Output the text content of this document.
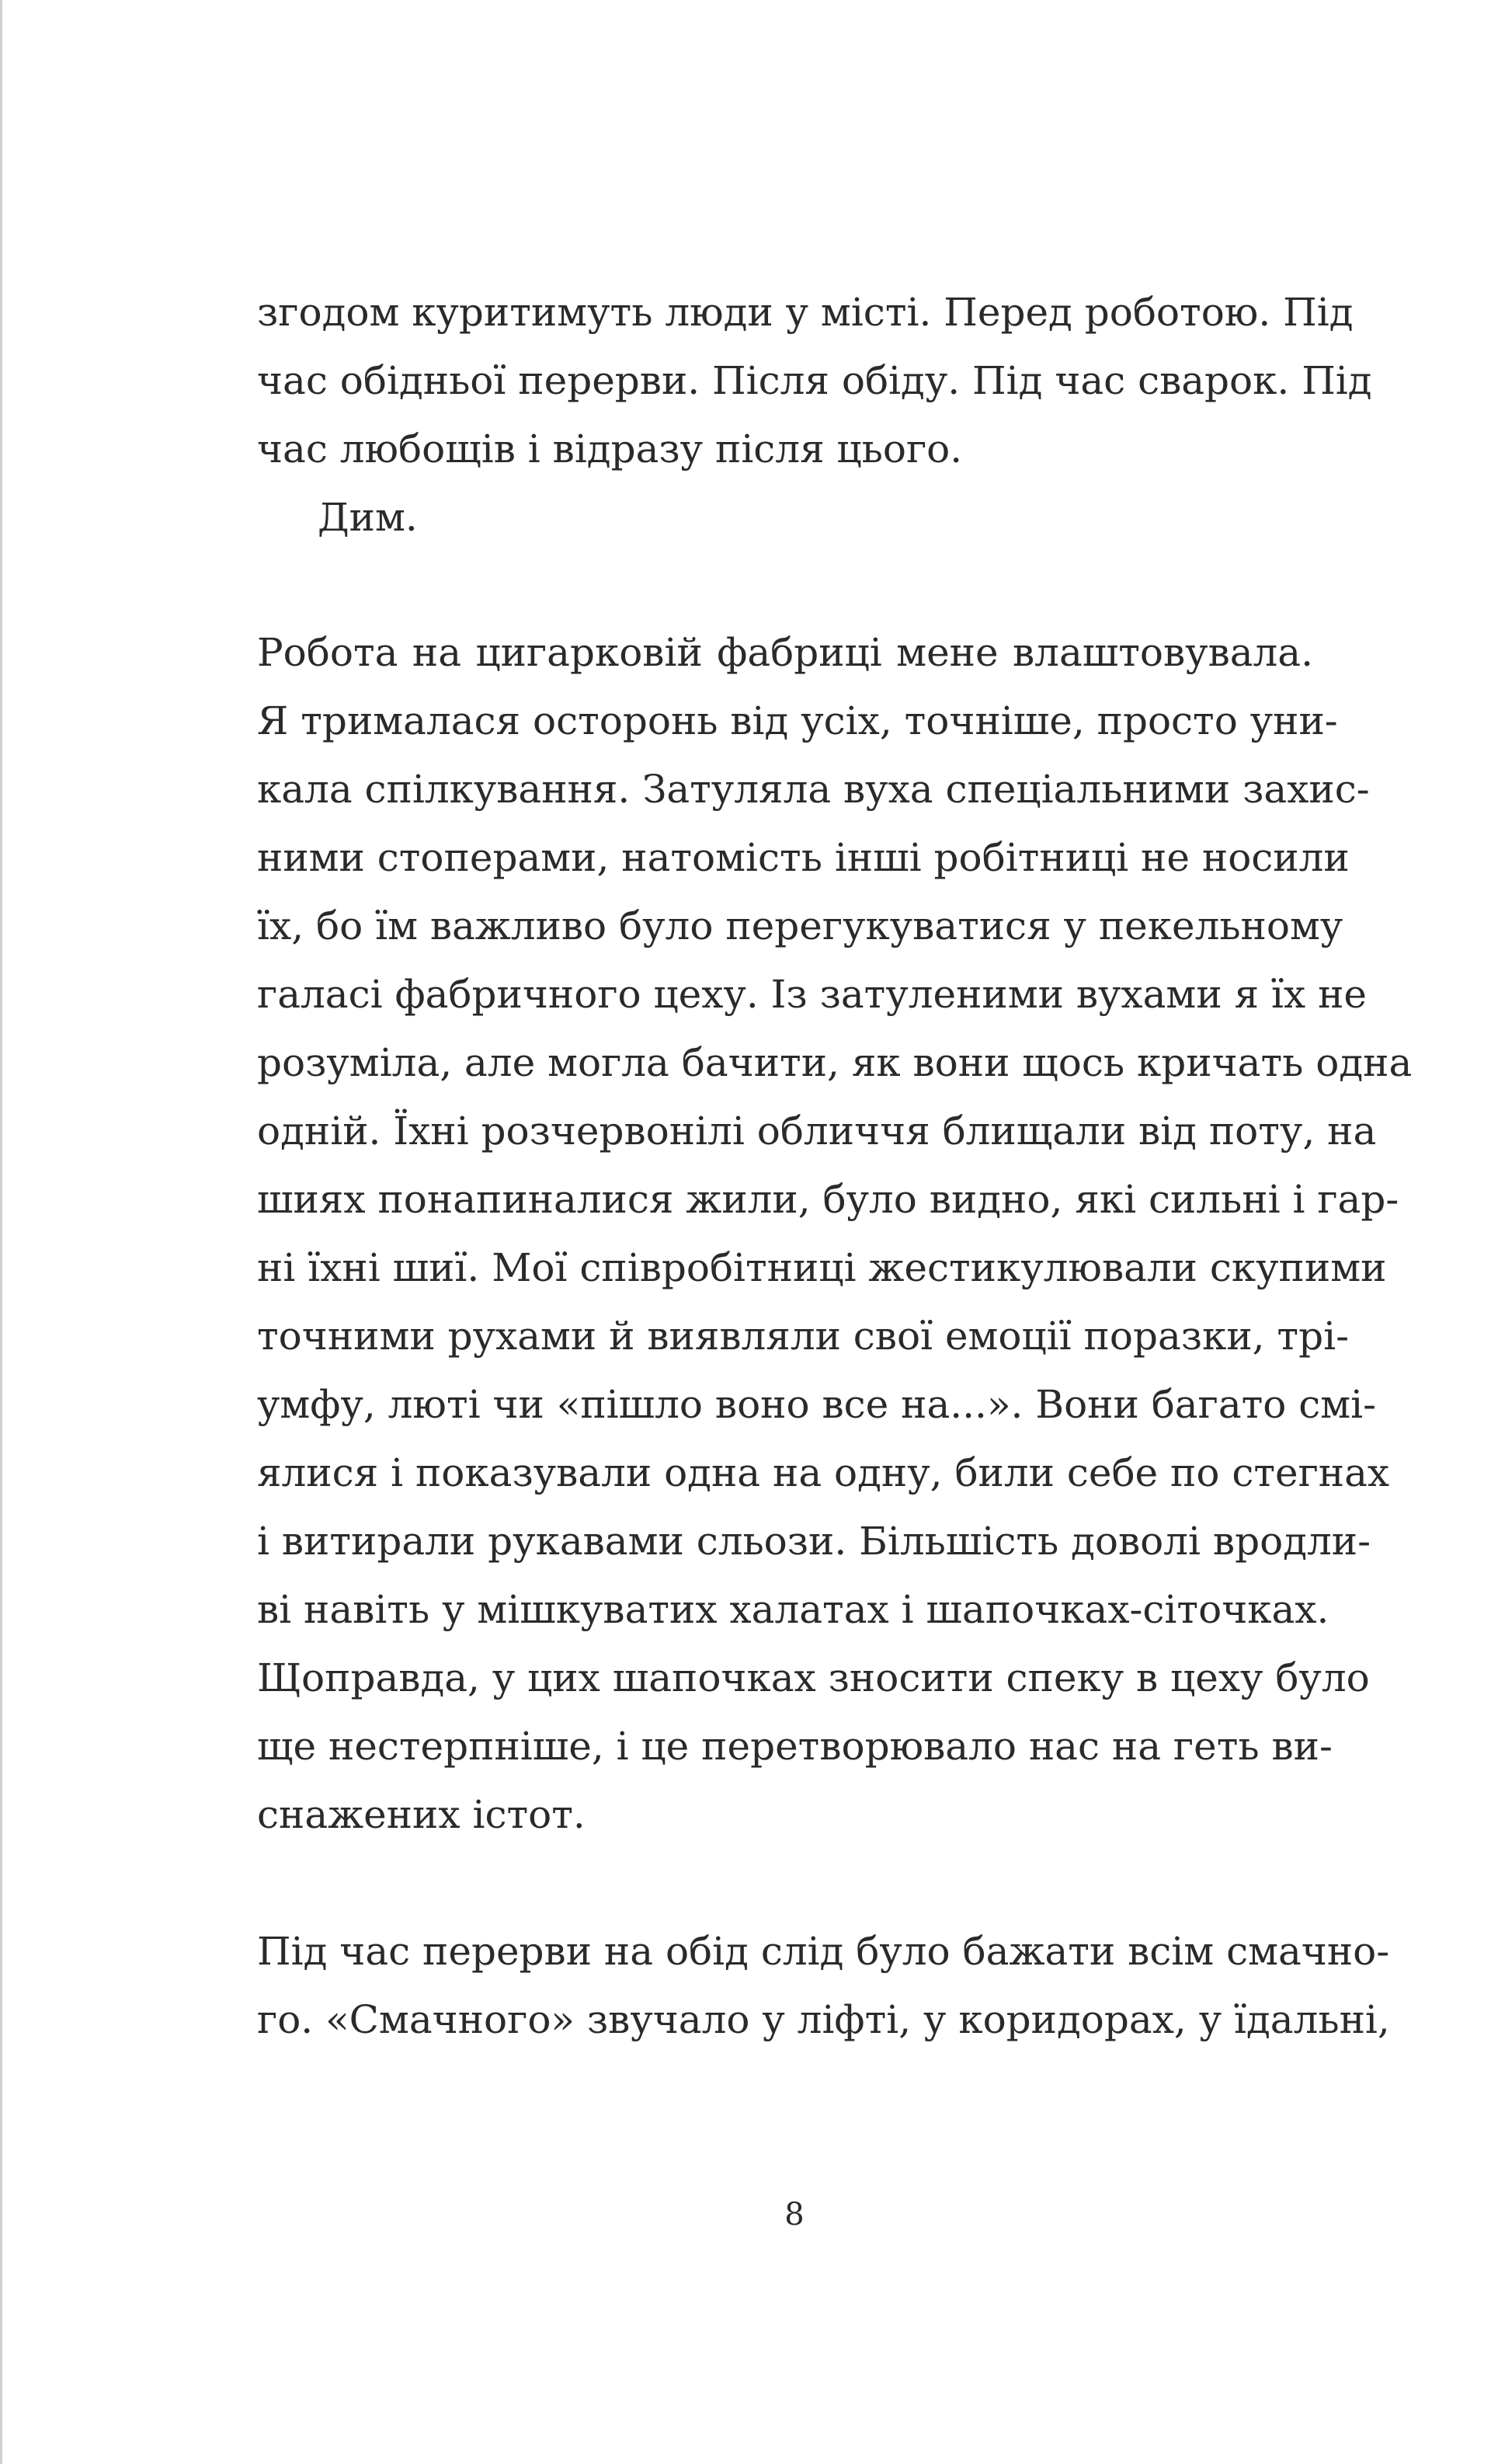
згодом куритимуть люди у місті. Перед роботою. Під
час обідньої перерви. Після обіду. Під час сварок. Під
час любощів і відразу після цього.
Дим.
Робота на цигарковій фабриці мене влаштовувала.
Я трималася осторонь від усіх, точніше, просто уни-
кала спілкування. Затуляла вуха спеціальними захис-
ними стоперами, натомість інші робітниці не носили
їх, бо їм важливо було перегукуватися у пекельному
галасі фабричного цеху. Із затуленими вухами я їх не
розуміла, але могла бачити, як вони щось кричать одна
одній. Їхні розчервонілі обличчя блищали від поту, на
шиях понапиналися жили, було видно, які сильні і гар-
ні їхні шиї. Мої співробітниці жестикулювали скупими
точними рухами й виявляли свої емоції поразки, трі-
умфу, люті чи «пішло воно все на...». Вони багато смі-
ялися і показували одна на одну, били себе по стегнах
і витирали рукавами сльози. Більшість доволі вродли-
ві навіть у мішкуватих халатах і шапочках-сіточках.
Щоправда, у цих шапочках зносити спеку в цеху було
ще нестерпніше, і це перетворювало нас на геть ви-
снажених істот.
Під час перерви на обід слід було бажати всім смачно-
го. «Смачного» звучало у ліфті, у коридорах, у їдальні,
8
